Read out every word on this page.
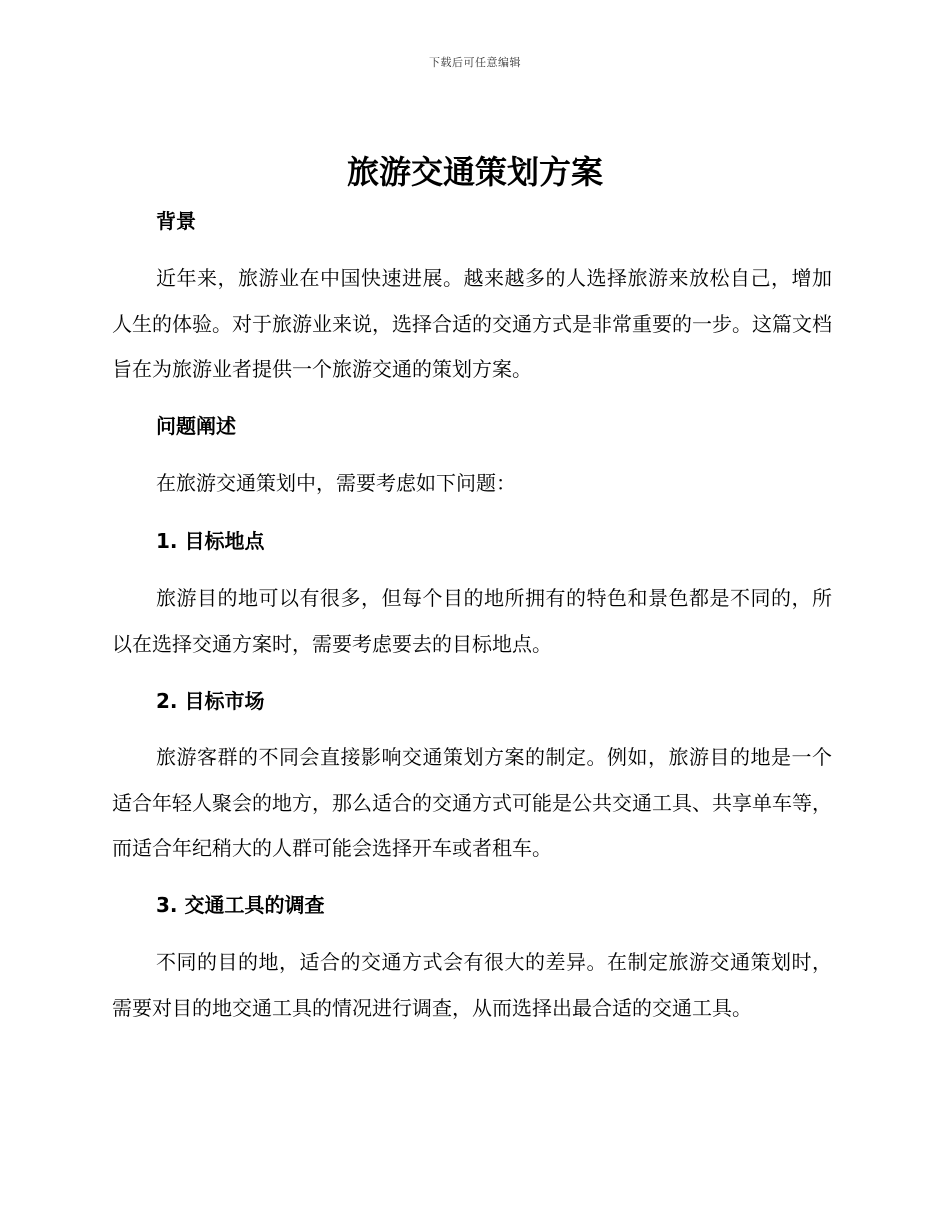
下载后可任意编辑
旅游交通策划方案
背景
近年来，旅游业在中国快速进展。越来越多的人选择旅游来放松自己，增加人生的体验。对于旅游业来说，选择合适的交通方式是非常重要的一步。这篇文档旨在为旅游业者提供一个旅游交通的策划方案。
问题阐述
在旅游交通策划中，需要考虑如下问题：
1. 目标地点
旅游目的地可以有很多，但每个目的地所拥有的特色和景色都是不同的，所以在选择交通方案时，需要考虑要去的目标地点。
2. 目标市场
旅游客群的不同会直接影响交通策划方案的制定。例如，旅游目的地是一个适合年轻人聚会的地方，那么适合的交通方式可能是公共交通工具、共享单车等，而适合年纪稍大的人群可能会选择开车或者租车。
3. 交通工具的调查
不同的目的地，适合的交通方式会有很大的差异。在制定旅游交通策划时，需要对目的地交通工具的情况进行调查，从而选择出最合适的交通工具。
